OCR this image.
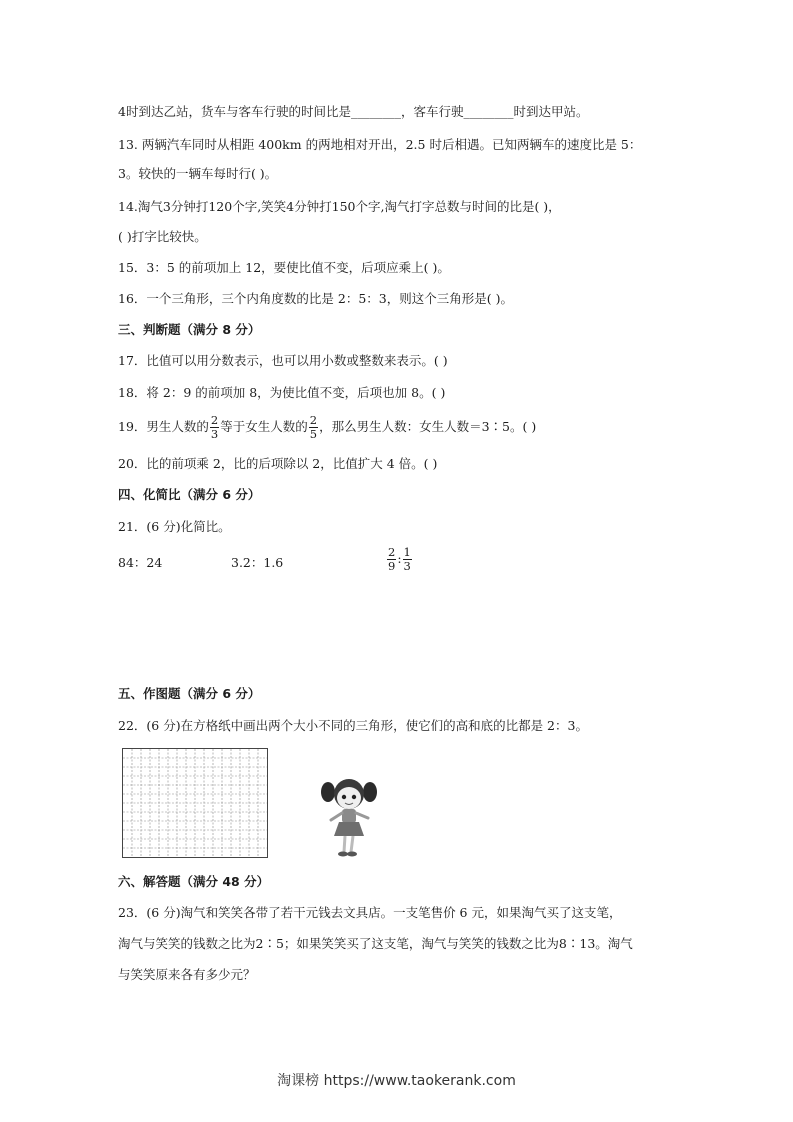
4时到达乙站，货车与客车行驶的时间比是________，客车行驶________时到达甲站。
13. 两辆汽车同时从相距 400km 的两地相对开出，2.5 时后相遇。已知两辆车的速度比是 5：
3。较快的一辆车每时行( )。
14.淘气3分钟打120个字,笑笑4分钟打150个字,淘气打字总数与时间的比是( )，
( )打字比较快。
15．3：5 的前项加上 12，要使比值不变，后项应乘上( )。
16．一个三角形，三个内角度数的比是 2：5：3，则这个三角形是( )。
三、判断题（满分 8 分）
17．比值可以用分数表示，也可以用小数或整数来表示。( )
18．将 2：9 的前项加 8，为使比值不变，后项也加 8。( )
19．男生人数的 $\frac{2}{3}$ 等于女生人数的 $\frac{2}{5}$ ，那么男生人数：女生人数＝3∶5。( )
20．比的前项乘 2，比的后项除以 2，比值扩大 4 倍。( )
四、化简比（满分 6 分）
21．(6 分)化简比。
84：24	3.2：1.6	$\frac{2}{9}$ : $\frac{1}{3}$
五、作图题（满分 6 分）
22．(6 分)在方格纸中画出两个大小不同的三角形，使它们的高和底的比都是 2：3。
六、解答题（满分 48 分）
23．(6 分)淘气和笑笑各带了若干元钱去文具店。一支笔售价 6 元，如果淘气买了这支笔，
淘气与笑笑的钱数之比为2∶5；如果笑笑买了这支笔，淘气与笑笑的钱数之比为8∶13。淘气
与笑笑原来各有多少元？
淘课榜 https://www.taokerank.com
